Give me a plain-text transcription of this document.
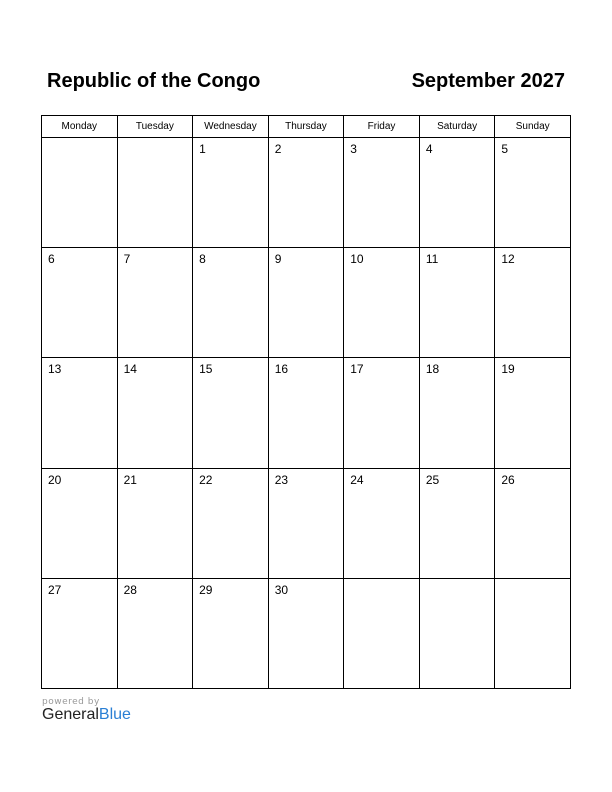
Republic of the Congo	September 2027
Monday	Tuesday	Wednesday	Thursday	Friday	Saturday	Sunday

		1	2	3	4	5

6	7	8	9	10	11	12

13	14	15	16	17	18	19

20	21	22	23	24	25	26

27	28	29	30			

powered by
GeneralBlue
